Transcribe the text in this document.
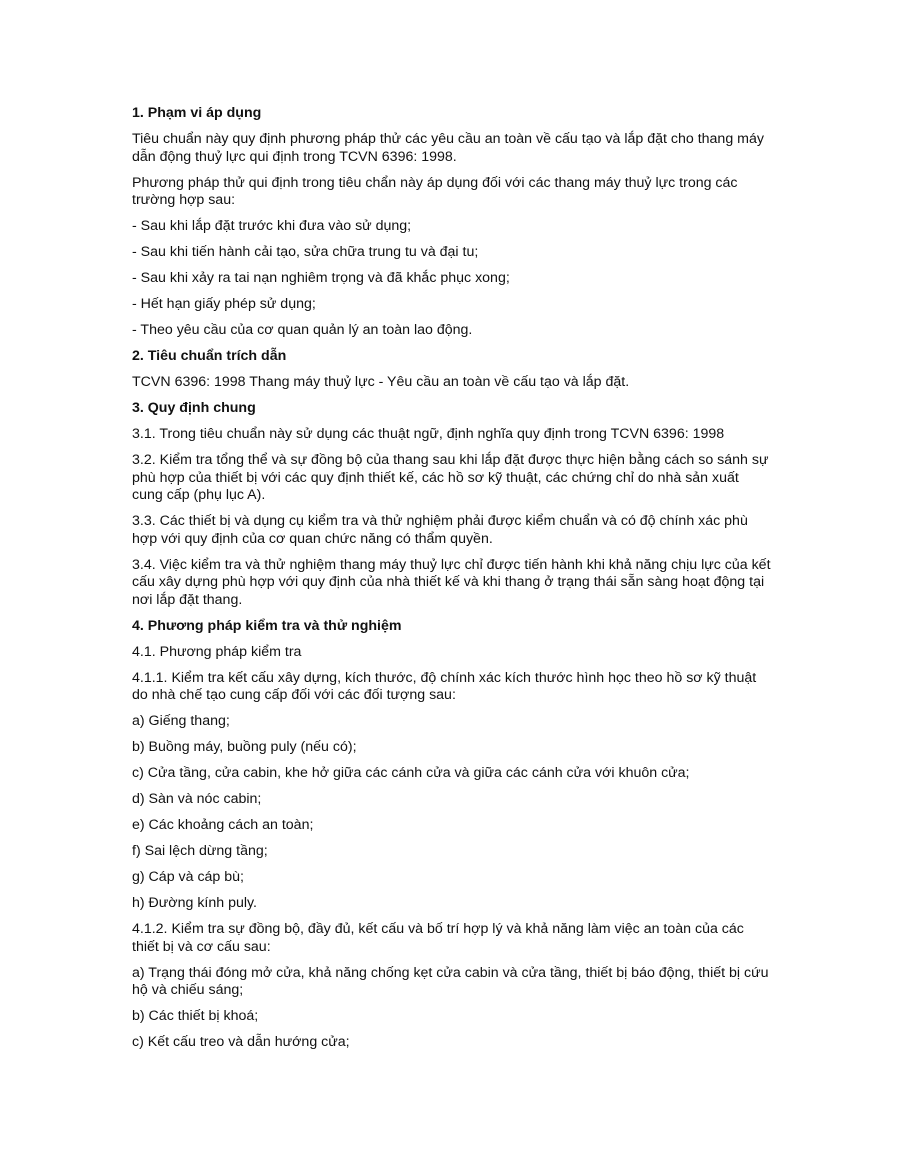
1. Phạm vi áp dụng
Tiêu chuẩn này quy định phương pháp thử các yêu cầu an toàn về cấu tạo và lắp đặt cho thang máy dẫn động thuỷ lực qui định trong TCVN 6396: 1998.
Phương pháp thử qui định trong tiêu chẩn này áp dụng đối với các thang máy thuỷ lực trong các trường hợp sau:
- Sau khi lắp đặt trước khi đưa vào sử dụng;
- Sau khi tiến hành cải tạo, sửa chữa trung tu và đại tu;
- Sau khi xảy ra tai nạn nghiêm trọng và đã khắc phục xong;
- Hết hạn giấy phép sử dụng;
- Theo yêu cầu của cơ quan quản lý an toàn lao động.
2. Tiêu chuẩn trích dẫn
TCVN 6396: 1998 Thang máy thuỷ lực - Yêu cầu an toàn về cấu tạo và lắp đặt.
3. Quy định chung
3.1. Trong tiêu chuẩn này sử dụng các thuật ngữ, định nghĩa quy định trong TCVN 6396: 1998
3.2. Kiểm tra tổng thể và sự đồng bộ của thang sau khi lắp đặt được thực hiện bằng cách so sánh sự phù hợp của thiết bị với các quy định thiết kế, các hồ sơ kỹ thuật, các chứng chỉ do nhà sản xuất cung cấp (phụ lục A).
3.3. Các thiết bị và dụng cụ kiểm tra và thử nghiệm phải được kiểm chuẩn và có độ chính xác phù hợp với quy định của cơ quan chức năng có thẩm quyền.
3.4. Việc kiểm tra và thử nghiệm thang máy thuỷ lực chỉ được tiến hành khi khả năng chịu lực của kết cấu xây dựng phù hợp với quy định của nhà thiết kế và khi thang ở trạng thái sẵn sàng hoạt động tại nơi lắp đặt thang.
4. Phương pháp kiểm tra và thử nghiệm
4.1. Phương pháp kiểm tra
4.1.1. Kiểm tra kết cấu xây dựng, kích thước, độ chính xác kích thước hình học theo hồ sơ kỹ thuật do nhà chế tạo cung cấp đối với các đối tượng sau:
a) Giếng thang;
b) Buồng máy, buồng puly (nếu có);
c) Cửa tầng, cửa cabin, khe hở giữa các cánh cửa và giữa các cánh cửa với khuôn cửa;
d) Sàn và nóc cabin;
e) Các khoảng cách an toàn;
f) Sai lệch dừng tầng;
g) Cáp và cáp bù;
h) Đường kính puly.
4.1.2. Kiểm tra sự đồng bộ, đầy đủ, kết cấu và bố trí hợp lý và khả năng làm việc an toàn của các thiết bị và cơ cấu sau:
a) Trạng thái đóng mở cửa, khả năng chống kẹt cửa cabin và cửa tầng, thiết bị báo động, thiết bị cứu hộ và chiếu sáng;
b) Các thiết bị khoá;
c) Kết cấu treo và dẫn hướng cửa;
